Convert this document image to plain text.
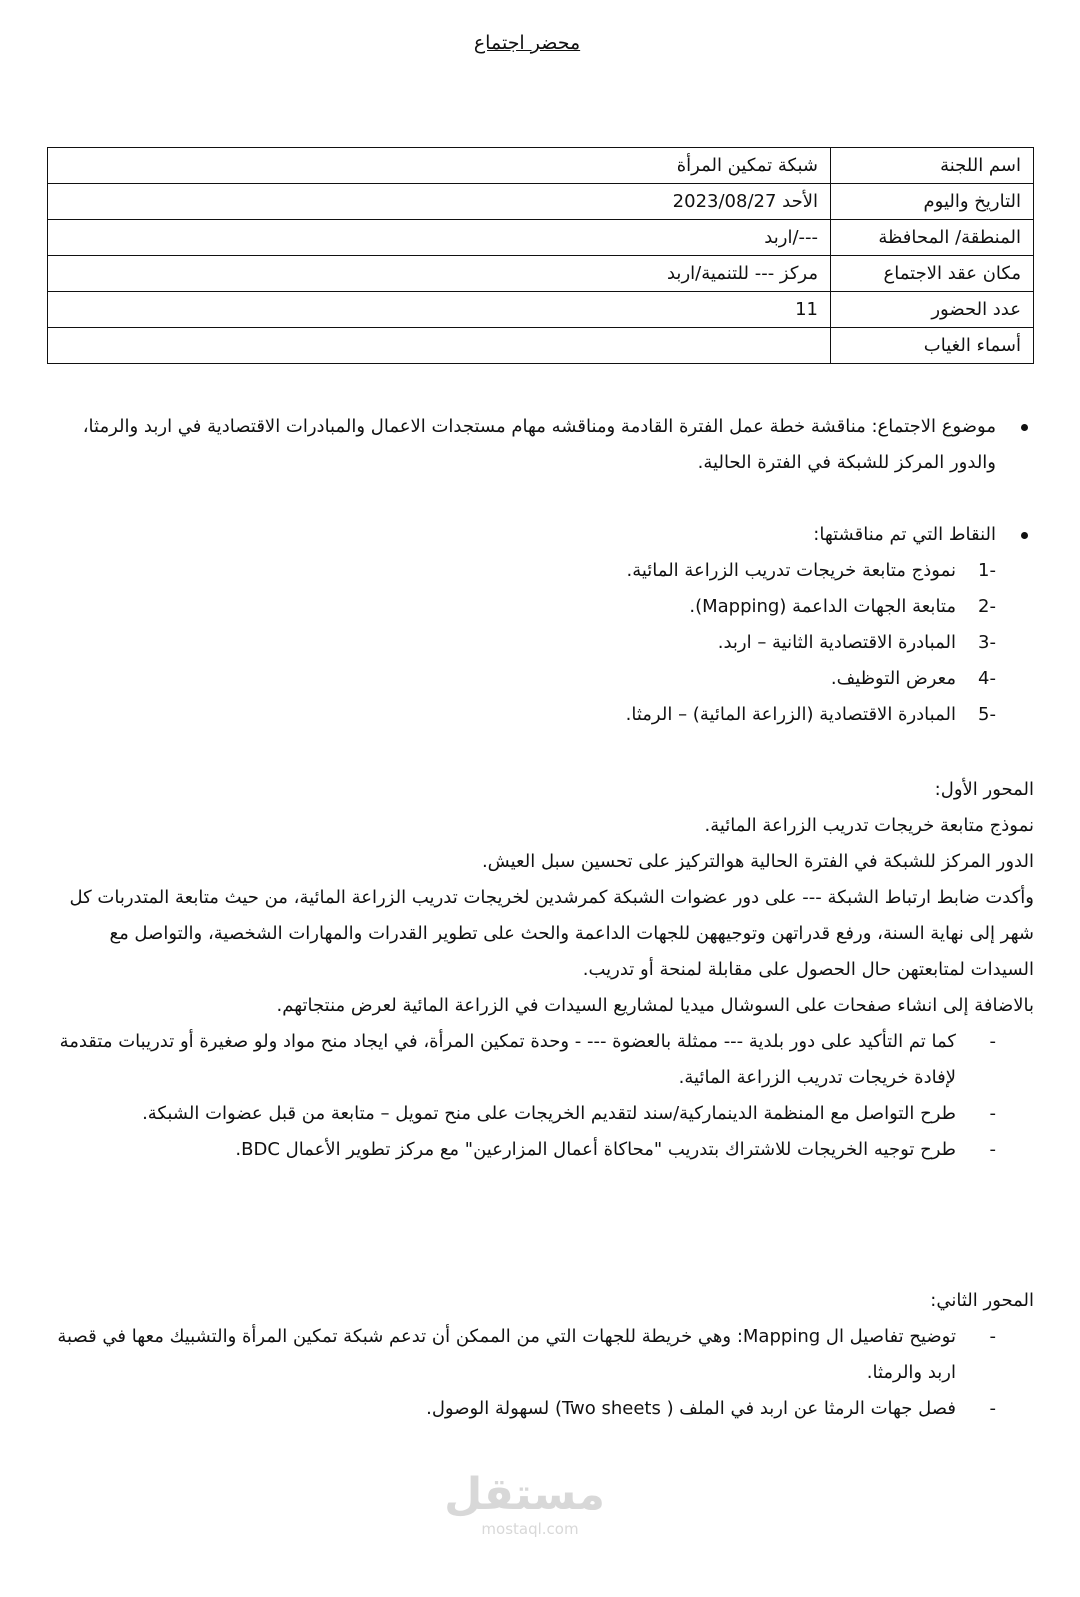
محضر اجتماع
اسم اللجنة	شبكة تمكين المرأة
التاريخ واليوم	الأحد 2023/08/27
المنطقة/ المحافظة	---/اربد
مكان عقد الاجتماع	مركز --- للتنمية/اربد
عدد الحضور	11
أسماء الغياب	

موضوع الاجتماع: مناقشة خطة عمل الفترة القادمة ومناقشه مهام مستجدات الاعمال والمبادرات الاقتصادية في اربد والرمثا، والدور المركز للشبكة في الفترة الحالية.

النقاط التي تم مناقشتها:

-1
نموذج متابعة خريجات تدريب الزراعة المائية.
-2
متابعة الجهات الداعمة (Mapping).
-3
المبادرة الاقتصادية الثانية – اربد.
-4
معرض التوظيف.
-5
المبادرة الاقتصادية (الزراعة المائية) – الرمثا.

المحور الأول:

نموذج متابعة خريجات تدريب الزراعة المائية.

الدور المركز للشبكة في الفترة الحالية هوالتركيز على تحسين سبل العيش.

وأكدت ضابط ارتباط الشبكة --- على دور عضوات الشبكة كمرشدين لخريجات تدريب الزراعة المائية، من حيث متابعة المتدربات كل شهر إلى نهاية السنة، ورفع قدراتهن وتوجيههن للجهات الداعمة والحث على تطوير القدرات والمهارات الشخصية، والتواصل مع السيدات لمتابعتهن حال الحصول على مقابلة لمنحة أو تدريب.

بالاضافة إلى انشاء صفحات على السوشال ميديا لمشاريع السيدات في الزراعة المائية لعرض منتجاتهم.

-
كما تم التأكيد على دور بلدية --- ممثلة بالعضوة --- - وحدة تمكين المرأة، في ايجاد منح مواد ولو صغيرة أو تدريبات متقدمة لإفادة خريجات تدريب الزراعة المائية.
-
طرح التواصل مع المنظمة الدينماركية/سند لتقديم الخريجات على منح تمويل – متابعة من قبل عضوات الشبكة.
-
طرح توجيه الخريجات للاشتراك بتدريب "محاكاة أعمال المزارعين" مع مركز تطوير الأعمال BDC.

المحور الثاني:

-
توضيح تفاصيل ال Mapping: وهي خريطة للجهات التي من الممكن أن تدعم شبكة تمكين المرأة والتشبيك معها في قصبة اربد والرمثا.
-
فصل جهات الرمثا عن اربد في الملف ( Two sheets) لسهولة الوصول.
مستقل
mostaql.com
